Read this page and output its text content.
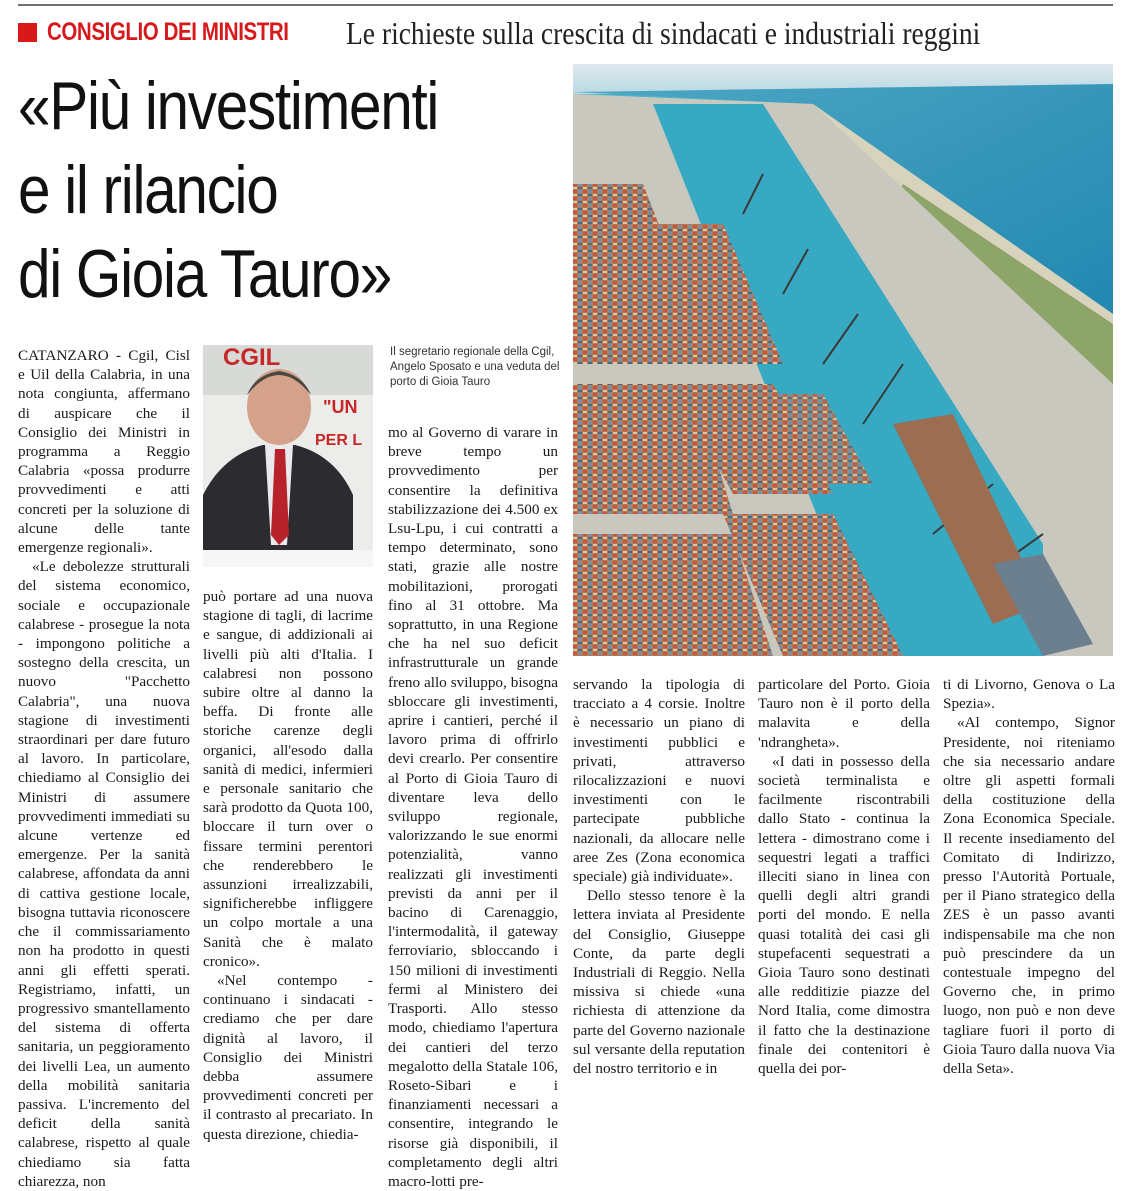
CONSIGLIO DEI MINISTRI Le richieste sulla crescita di sindacati e industriali reggini
«Più investimenti
e il rilancio
di Gioia Tauro»
CGIL
"UN
PER L
Il segretario regionale della Cgil, Angelo Sposato e una veduta del porto di Gioia Tauro

CATANZARO - Cgil, Cisl e Uil della Calabria, in una nota congiunta, affermano di auspicare che il Consiglio dei Ministri in programma a Reggio Calabria «possa produrre provvedimenti e atti concreti per la soluzione di alcune delle tante emergenze regionali».

«Le debolezze strutturali del sistema economico, sociale e occupazionale calabrese - proseguе la nota - impongono politiche a sostegno della crescita, un nuovo "Pacchetto Calabria", una nuova stagione di investimenti straordinari per dare futuro al lavoro. In particolare, chiediamo al Consiglio dei Ministri di assumere provvedimenti immediati su alcune vertenze ed emergenze. Per la sanità calabrese, affondata da anni di cattiva gestione locale, bisogna tuttavia riconoscere che il commissariamento non ha prodotto in questi anni gli effetti sperati. Registriamo, infatti, un progressivo smantellamento del sistema di offerta sanitaria, un peggioramento dei livelli Lea, un aumento della mobilità sanitaria passiva. L'incremento del deficit della sanità calabrese, rispetto al quale chiediamo sia fatta chiarezza, non

può portare ad una nuova stagione di tagli, di lacrime e sangue, di addizionali ai livelli più alti d'Italia. I calabresi non possono subire oltre al danno la beffa. Di fronte alle storiche carenze degli organici, all'esodo dalla sanità di medici, infermieri e personale sanitario che sarà prodotto da Quota 100, bloccare il turn over o fissare termini perentori che renderebbero le assunzioni irrealizzabili, significherebbe infliggere un colpo mortale a una Sanità che è malato cronico».

«Nel contempo - continuano i sindacati - crediamo che per dare dignità al lavoro, il Consiglio dei Ministri debba assumere provvedimenti concreti per il contrasto al precariato. In questa direzione, chiedia-

mo al Governo di varare in breve tempo un provvedimento per consentire la definitiva stabilizzazione dei 4.500 ex Lsu-Lpu, i cui contratti a tempo determinato, sono stati, grazie alle nostre mobilitazioni, prorogati fino al 31 ottobre. Ma soprattutto, in una Regione che ha nel suo deficit infrastrutturale un grande freno allo sviluppo, bisogna sbloccare gli investimenti, aprire i cantieri, perché il lavoro prima di offrirlo devi crearlo. Per consentire al Porto di Gioia Tauro di diventare leva dello sviluppo regionale, valorizzando le sue enormi potenzialità, vanno realizzati gli investimenti previsti da anni per il bacino di Carenaggio, l'intermodalità, il gateway ferroviario, sbloccando i 150 milioni di investimenti fermi al Ministero dei Trasporti. Allo stesso modo, chiediamo l'apertura dei cantieri del terzo megalotto della Statale 106, Roseto-Sibari e i finanziamenti necessari a consentire, integrando le risorse già disponibili, il completamento degli altri macro-lotti pre-

servando la tipologia di tracciato a 4 corsie. Inoltre è necessario un piano di investimenti pubblici e privati, attraverso rilocalizzazioni e nuovi investimenti con le partecipate pubbliche nazionali, da allocare nelle aree Zes (Zona economica speciale) già individuate».

Dello stesso tenore è la lettera inviata al Presidente del Consiglio, Giuseppe Conte, da parte degli Industriali di Reggio. Nella missiva si chiede «una richiesta di attenzione da parte del Governo nazionale sul versante della reputation del nostro territorio e in

particolare del Porto. Gioia Tauro non è il porto della malavita e della 'ndrangheta».

«I dati in possesso della società terminalista e facilmente riscontrabili dallo Stato - continua la lettera - dimostrano come i sequestri legati a traffici illeciti siano in linea con quelli degli altri grandi porti del mondo. E nella quasi totalità dei casi gli stupefacenti sequestrati a Gioia Tauro sono destinati alle redditizie piazze del Nord Italia, come dimostra il fatto che la destinazione finale dei contenitori è quella dei por-

ti di Livorno, Genova o La Spezia».

«Al contempo, Signor Presidente, noi riteniamo che sia necessario andare oltre gli aspetti formali della costituzione della Zona Economica Speciale. Il recente insediamento del Comitato di Indirizzo, presso l'Autorità Portuale, per il Piano strategico della ZES è un passo avanti indispensabile ma che non può prescindere da un contestuale impegno del Governo che, in primo luogo, non può e non deve tagliare fuori il porto di Gioia Tauro dalla nuova Via della Seta».
